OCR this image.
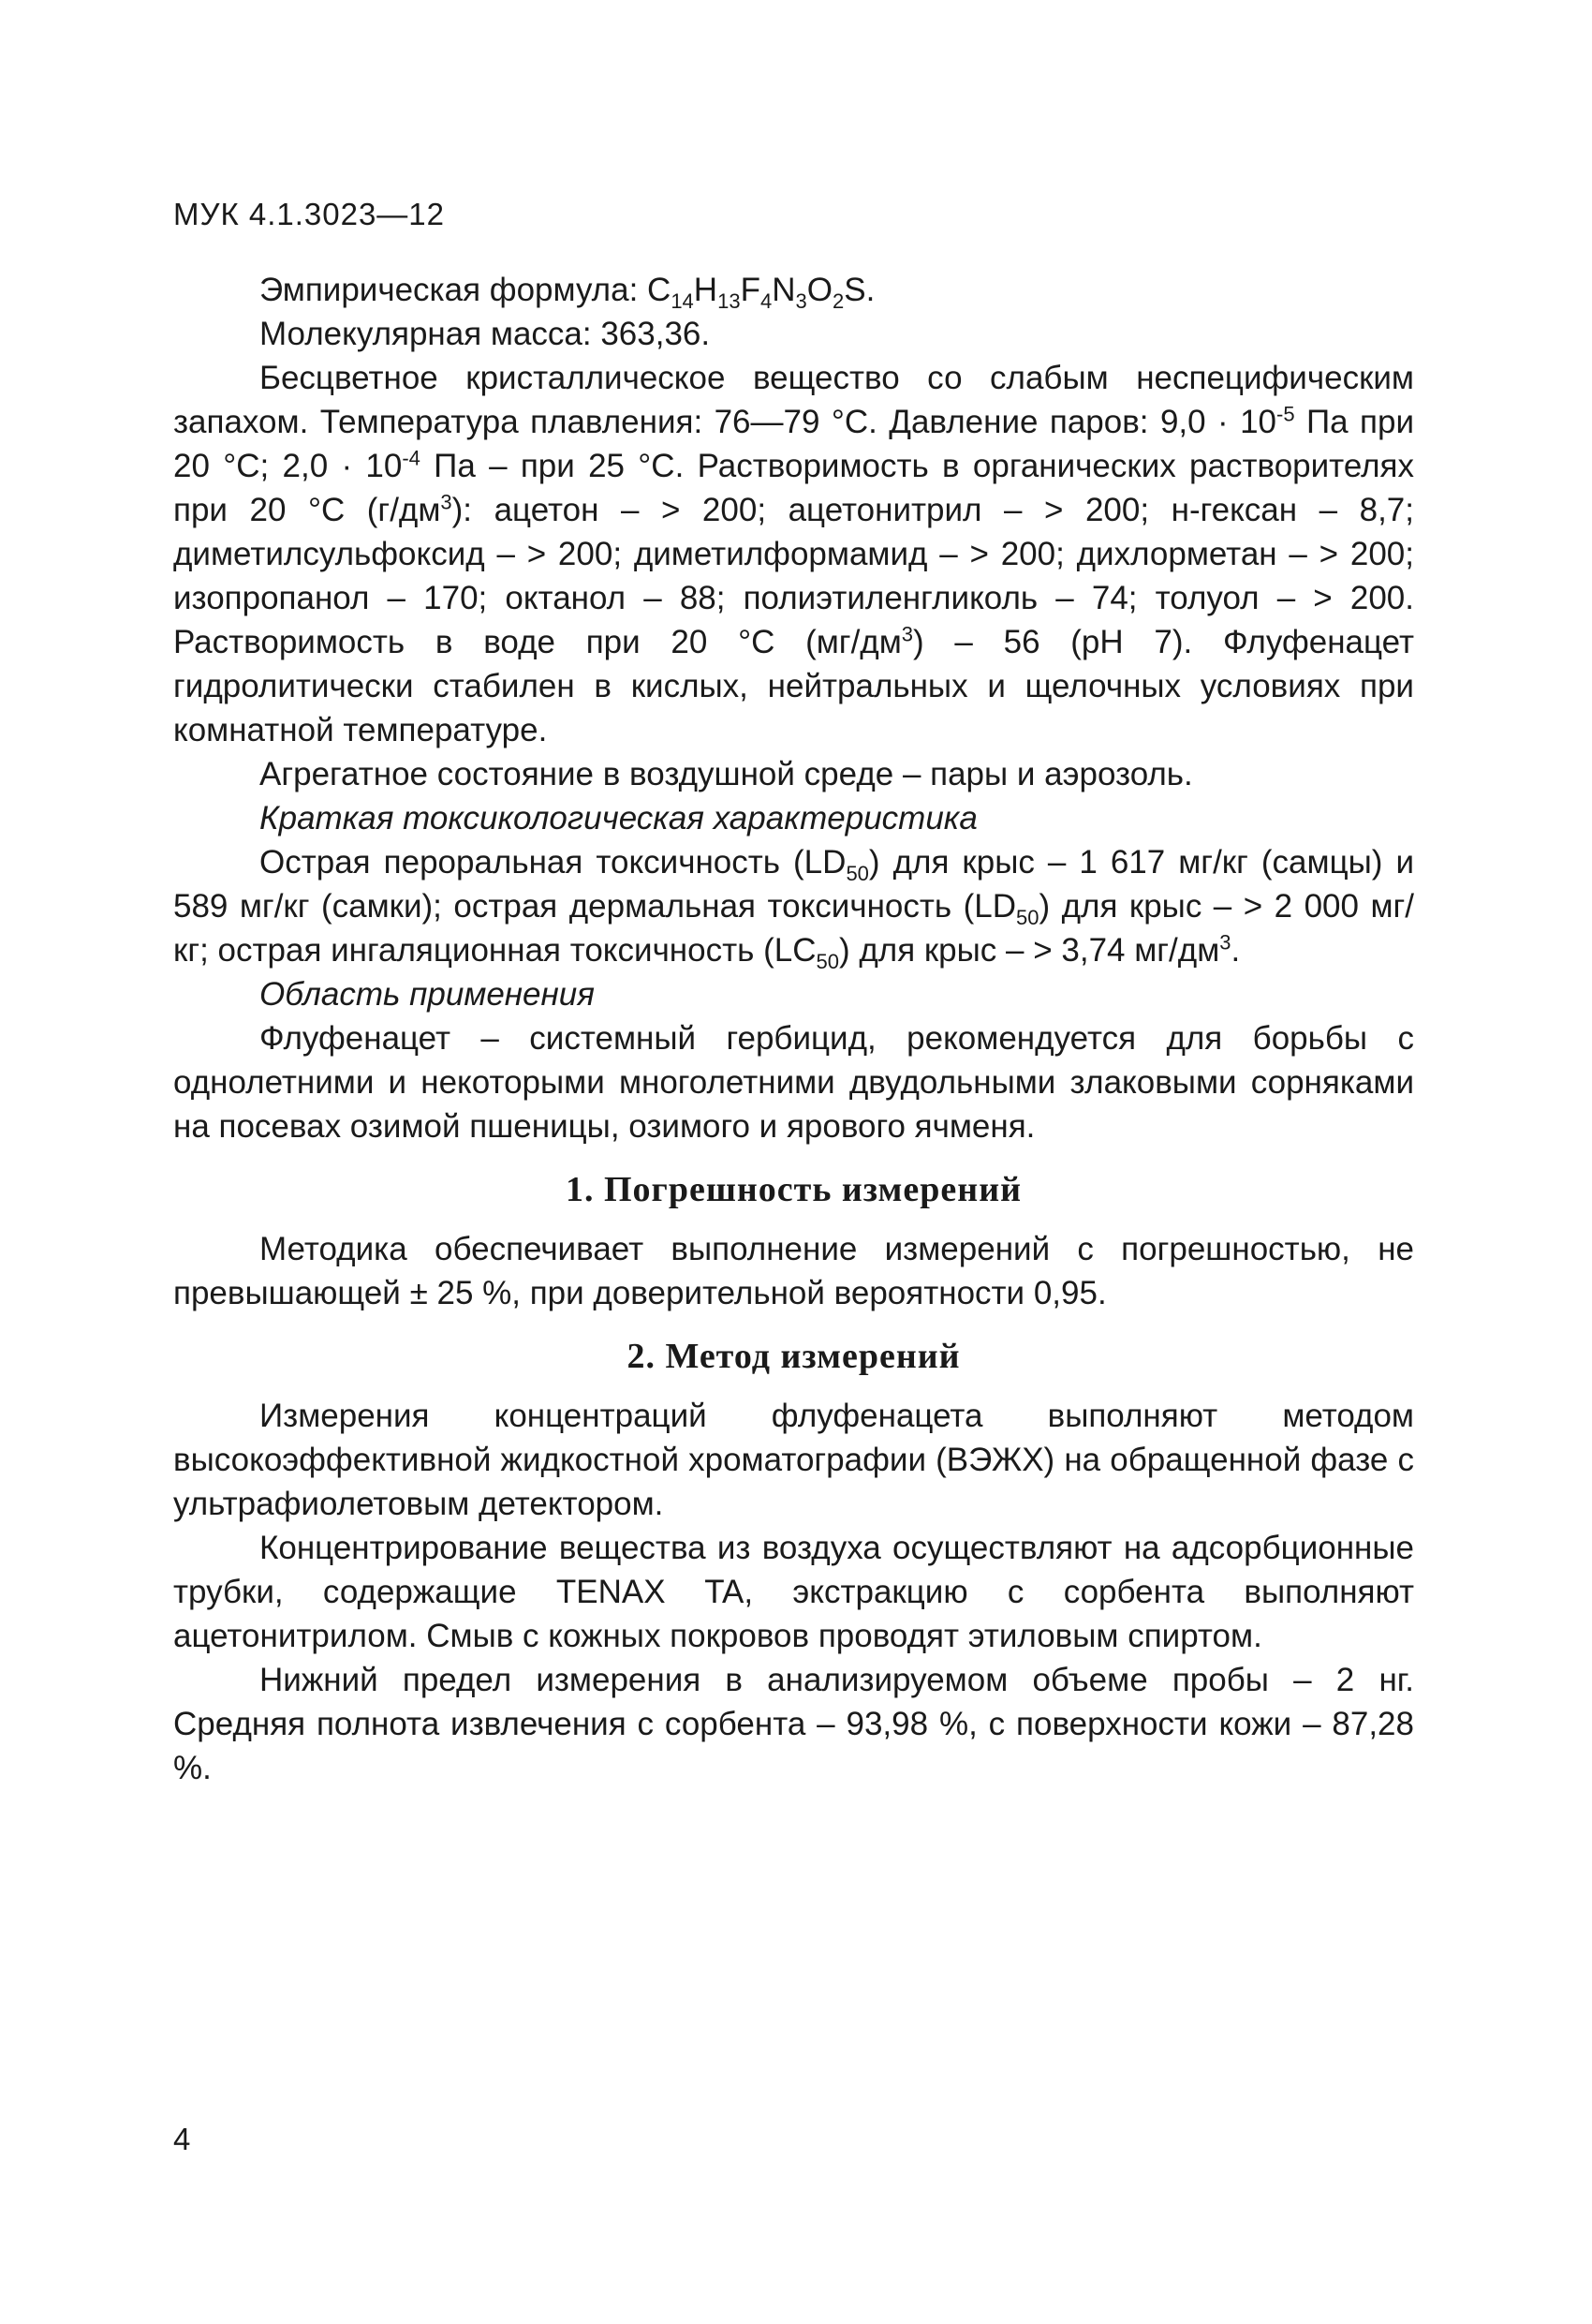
МУК 4.1.3023—12

Эмпирическая формула: $C_{14}H_{13}F_4N_3O_2S$.

Молекулярная масса: 363,36.

Бесцветное кристаллическое вещество со слабым неспецифическим запахом. Температура плавления: 76—79 °С. Давление паров: $9,0 \cdot 10^{-5}$ Па при 20 °С; $2,0 \cdot 10^{-4}$ Па – при 25 °С. Растворимость в органических растворителях при 20 °С $(г/дм^3)$: ацетон – > 200; ацетонитрил – > 200; н-гексан – 8,7; диметилсульфоксид – > 200; диметилформамид – > 200; дихлорметан – > 200; изопропанол – 170; октанол – 88; полиэтиленгликоль – 74; толуол – > 200. Растворимость в воде при 20 °С $(мг/дм^3) - 56$ (рН 7). Флуфенацет гидролитически стабилен в кислых, нейтральных и щелочных условиях при комнатной температуре.

Агрегатное состояние в воздушной среде – пары и аэрозоль.

Краткая токсикологическая характеристика

Острая пероральная токсичность $(LD_{50})$ для крыс – 1 617 мг/кг (самцы) и 589 мг/кг (самки); острая дермальная токсичность $(LD_{50})$ для крыс – > 2 000 мг/кг; острая ингаляционная токсичность $(LC_{50})$ для крыс – > 3,74 $мг/дм^3$.

Область применения

Флуфенацет – системный гербицид, рекомендуется для борьбы с однолетними и некоторыми многолетними двудольными злаковыми сорняками на посевах озимой пшеницы, озимого и ярового ячменя.

1. Погрешность измерений

Методика обеспечивает выполнение измерений с погрешностью, не превышающей ± 25 %, при доверительной вероятности 0,95.

2. Метод измерений

Измерения концентраций флуфенацета выполняют методом высокоэффективной жидкостной хроматографии (ВЭЖХ) на обращенной фазе с ультрафиолетовым детектором.

Концентрирование вещества из воздуха осуществляют на адсорбционные трубки, содержащие TENAX TA, экстракцию с сорбента выполняют ацетонитрилом. Смыв с кожных покровов проводят этиловым спиртом.

Нижний предел измерения в анализируемом объеме пробы – 2 нг. Средняя полнота извлечения с сорбента – 93,98 %, с поверхности кожи – 87,28 %.

4
